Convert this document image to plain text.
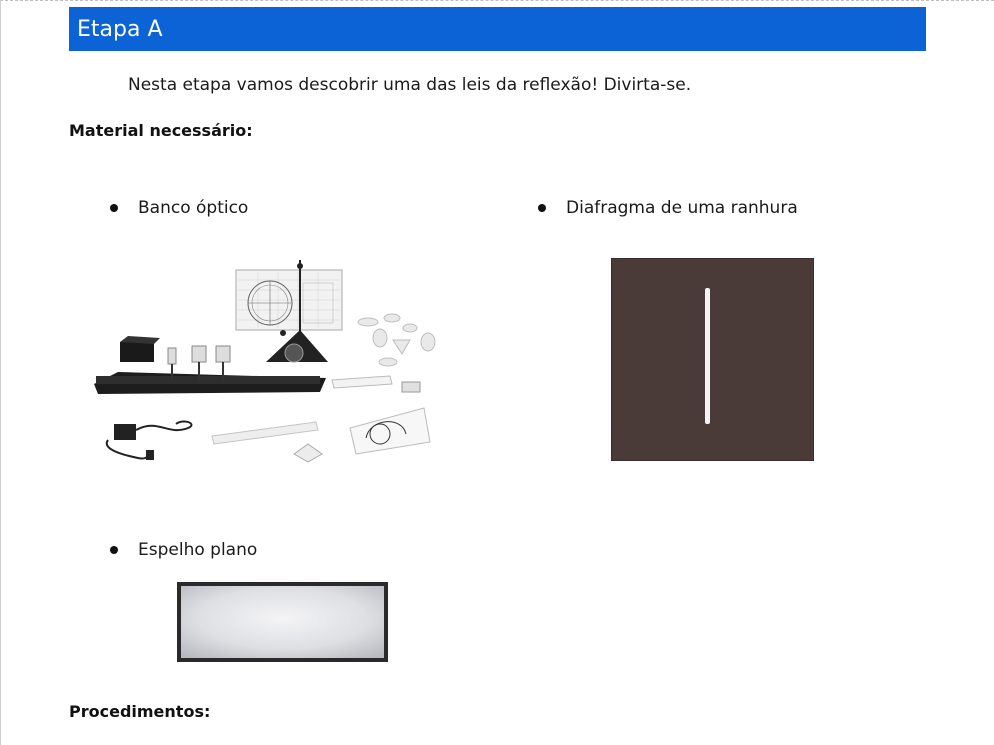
Etapa A
Nesta etapa vamos descobrir uma das leis da reflexão! Divirta-se.
Material necessário:
Banco óptico	Diafragma de uma ranhura
Espelho plano
Procedimentos:
